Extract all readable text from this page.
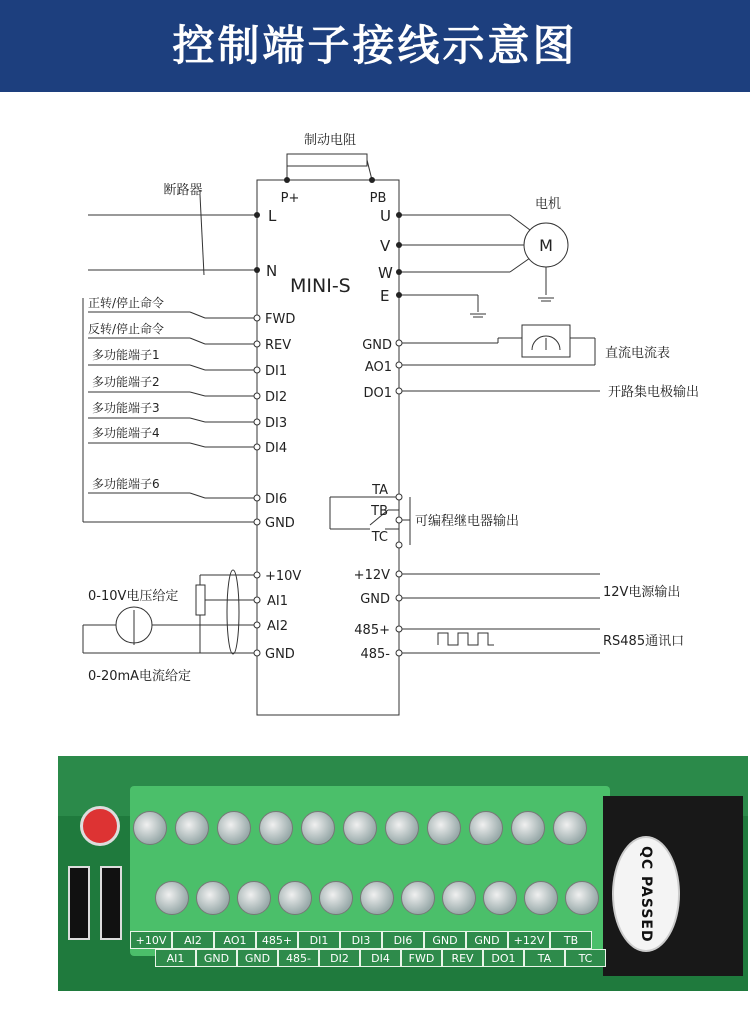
控制端子接线示意图
制动电阻
断路器
电机
M
P+	PB
L
N
MINI-S
U
V
W
E
FWD
REV
DI1
DI2
DI3
DI4
DI6
GND
+10V
AI1
AI2
GND
正转/停止命令
反转/停止命令
多功能端子1
多功能端子2
多功能端子3
多功能端子4
多功能端子6
GND
AO1
DO1
TA
TB
TC
+12V
GND
485+
485-
直流电流表
开路集电极输出
可编程继电器输出
12V电源输出
RS485通讯口
0-10V电压给定
0-20mA电流给定
QC PASSED
+10V	AI2	AO1	485+	DI1	DI3	DI6	GND	GND	+12V	TB
AI1	GND	GND	485-	DI2	DI4	FWD	REV	DO1	TA	TC
